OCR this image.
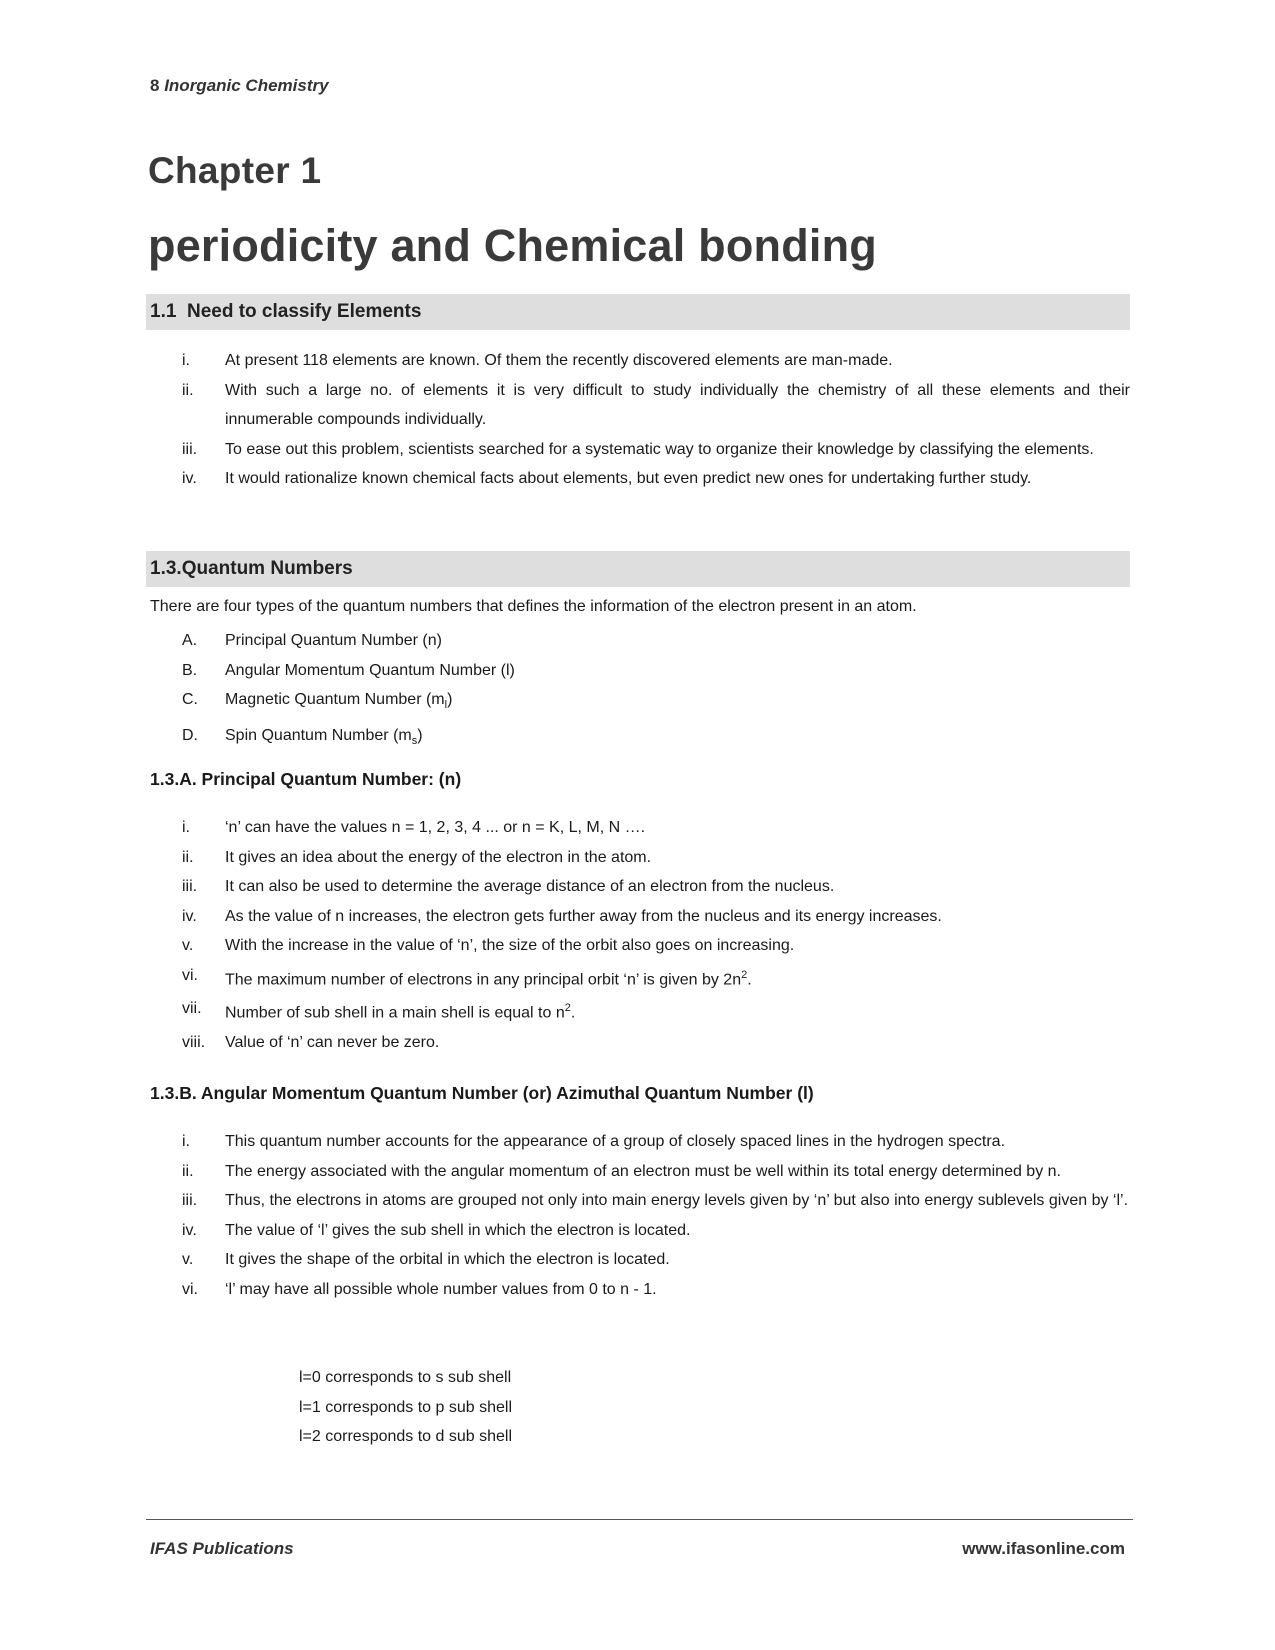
8 Inorganic Chemistry
Chapter 1
periodicity and Chemical bonding
1.1 Need to classify Elements
i. At present 118 elements are known. Of them the recently discovered elements are man-made.
ii. With such a large no. of elements it is very difficult to study individually the chemistry of all these elements and their innumerable compounds individually.
iii. To ease out this problem, scientists searched for a systematic way to organize their knowledge by classifying the elements.
iv. It would rationalize known chemical facts about elements, but even predict new ones for undertaking further study.
1.3.Quantum Numbers
There are four types of the quantum numbers that defines the information of the electron present in an atom.
A. Principal Quantum Number (n)
B. Angular Momentum Quantum Number (l)
C. Magnetic Quantum Number $(m_l)$
D. Spin Quantum Number $(m_s)$
1.3.A. Principal Quantum Number: (n)
i. ‘n’ can have the values n = 1, 2, 3, 4 ... or n = K, L, M, N ….
ii. It gives an idea about the energy of the electron in the atom.
iii. It can also be used to determine the average distance of an electron from the nucleus.
iv. As the value of n increases, the electron gets further away from the nucleus and its energy increases.
v. With the increase in the value of ‘n’, the size of the orbit also goes on increasing.
vi. The maximum number of electrons in any principal orbit ‘n’ is given by $2n^2$.
vii. Number of sub shell in a main shell is equal to $n^2$.
viii. Value of ‘n’ can never be zero.
1.3.B. Angular Momentum Quantum Number (or) Azimuthal Quantum Number (l)
i. This quantum number accounts for the appearance of a group of closely spaced lines in the hydrogen spectra.
ii. The energy associated with the angular momentum of an electron must be well within its total energy determined by n.
iii. Thus, the electrons in atoms are grouped not only into main energy levels given by ‘n’ but also into energy sublevels given by ‘l’.
iv. The value of ‘l’ gives the sub shell in which the electron is located.
v. It gives the shape of the orbital in which the electron is located.
vi. ‘l’ may have all possible whole number values from 0 to n - 1.
l=0 corresponds to s sub shell
l=1 corresponds to p sub shell
l=2 corresponds to d sub shell
IFAS Publications	www.ifasonline.com
